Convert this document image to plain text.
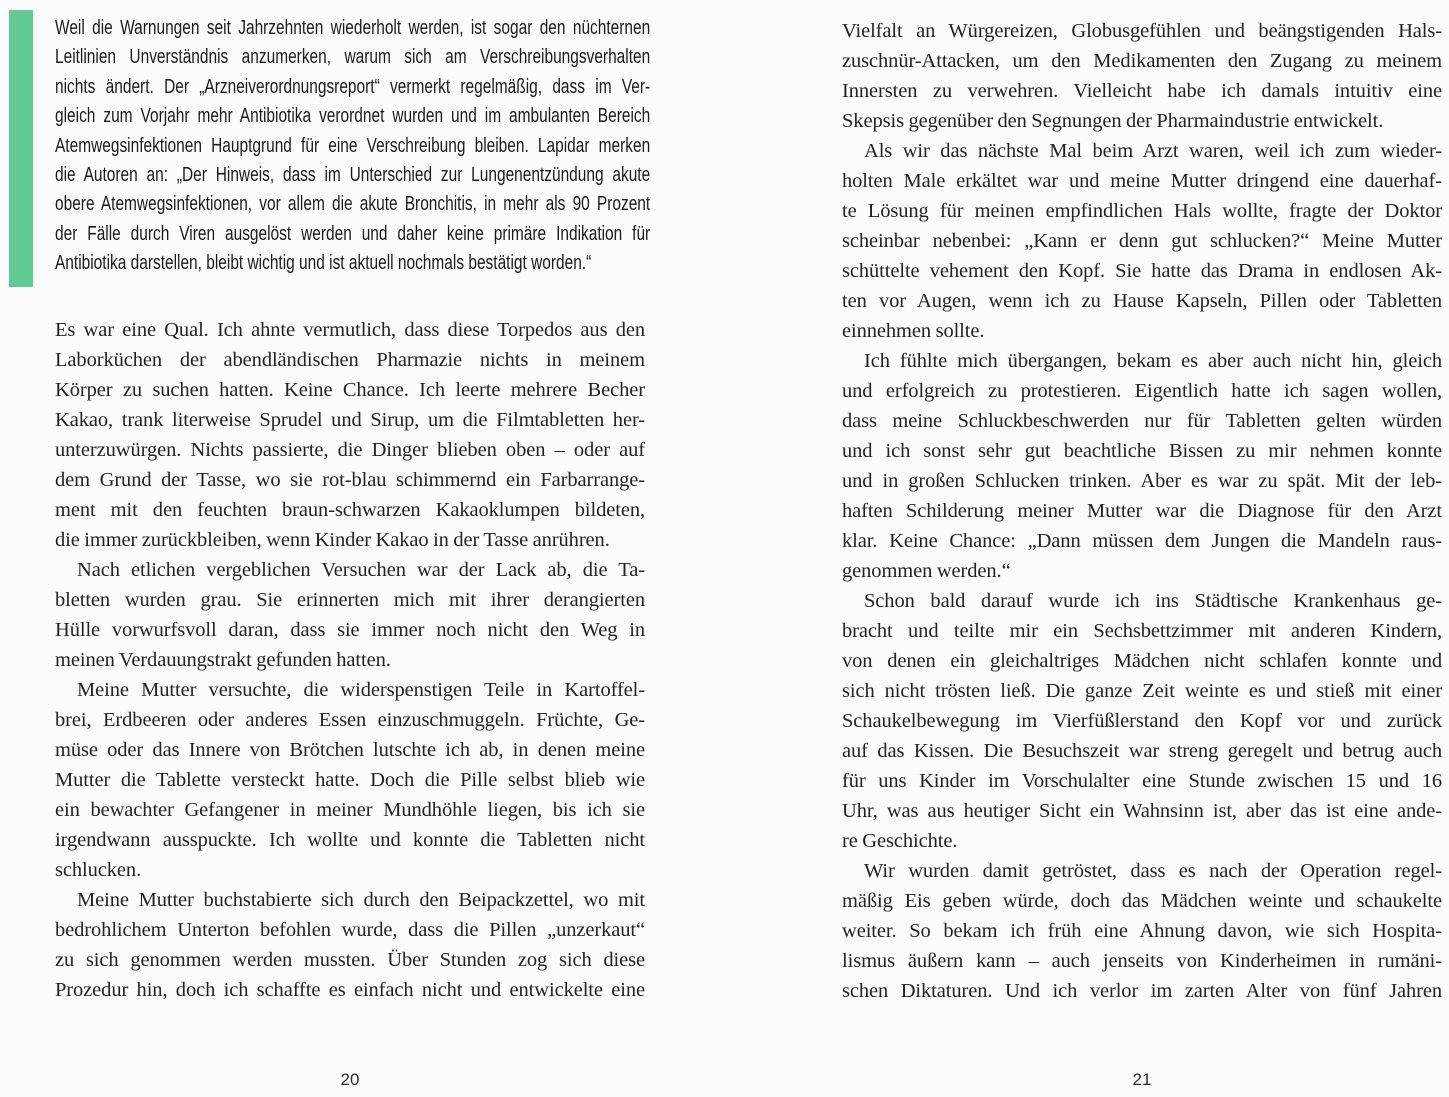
Weil die Warnungen seit Jahrzehnten wiederholt werden, ist sogar den nüchternen
Leitlinien Unverständnis anzumerken, warum sich am Verschreibungsverhalten
nichts ändert. Der „Arzneiverordnungsreport“ vermerkt regelmäßig, dass im Ver-
gleich zum Vorjahr mehr Antibiotika verordnet wurden und im ambulanten Bereich
Atemwegsinfektionen Hauptgrund für eine Verschreibung bleiben. Lapidar merken
die Autoren an: „Der Hinweis, dass im Unterschied zur Lungenentzündung akute
obere Atemwegsinfektionen, vor allem die akute Bronchitis, in mehr als 90 Prozent
der Fälle durch Viren ausgelöst werden und daher keine primäre Indikation für
Antibiotika darstellen, bleibt wichtig und ist aktuell nochmals bestätigt worden.“
Es war eine Qual. Ich ahnte vermutlich, dass diese Torpedos aus den
Laborküchen der abendländischen Pharmazie nichts in meinem
Körper zu suchen hatten. Keine Chance. Ich leerte mehrere Becher
Kakao, trank literweise Sprudel und Sirup, um die Filmtabletten her-
unterzuwürgen. Nichts passierte, die Dinger blieben oben – oder auf
dem Grund der Tasse, wo sie rot-blau schimmernd ein Farbarrange-
ment mit den feuchten braun-schwarzen Kakaoklumpen bildeten,
die immer zurückbleiben, wenn Kinder Kakao in der Tasse anrühren.
Nach etlichen vergeblichen Versuchen war der Lack ab, die Ta-
bletten wurden grau. Sie erinnerten mich mit ihrer derangierten
Hülle vorwurfsvoll daran, dass sie immer noch nicht den Weg in
meinen Verdauungstrakt gefunden hatten.
Meine Mutter versuchte, die widerspenstigen Teile in Kartoffel-
brei, Erdbeeren oder anderes Essen einzuschmuggeln. Früchte, Ge-
müse oder das Innere von Brötchen lutschte ich ab, in denen meine
Mutter die Tablette versteckt hatte. Doch die Pille selbst blieb wie
ein bewachter Gefangener in meiner Mundhöhle liegen, bis ich sie
irgendwann ausspuckte. Ich wollte und konnte die Tabletten nicht
schlucken.
Meine Mutter buchstabierte sich durch den Beipackzettel, wo mit
bedrohlichem Unterton befohlen wurde, dass die Pillen „unzerkaut“
zu sich genommen werden mussten. Über Stunden zog sich diese
Prozedur hin, doch ich schaffte es einfach nicht und entwickelte eine
20
Vielfalt an Würgereizen, Globusgefühlen und beängstigenden Hals-
zuschnür-Attacken, um den Medikamenten den Zugang zu meinem
Innersten zu verwehren. Vielleicht habe ich damals intuitiv eine
Skepsis gegenüber den Segnungen der Pharmaindustrie entwickelt.
Als wir das nächste Mal beim Arzt waren, weil ich zum wieder-
holten Male erkältet war und meine Mutter dringend eine dauerhaf-
te Lösung für meinen empfindlichen Hals wollte, fragte der Doktor
scheinbar nebenbei: „Kann er denn gut schlucken?“ Meine Mutter
schüttelte vehement den Kopf. Sie hatte das Drama in endlosen Ak-
ten vor Augen, wenn ich zu Hause Kapseln, Pillen oder Tabletten
einnehmen sollte.
Ich fühlte mich übergangen, bekam es aber auch nicht hin, gleich
und erfolgreich zu protestieren. Eigentlich hatte ich sagen wollen,
dass meine Schluckbeschwerden nur für Tabletten gelten würden
und ich sonst sehr gut beachtliche Bissen zu mir nehmen konnte
und in großen Schlucken trinken. Aber es war zu spät. Mit der leb-
haften Schilderung meiner Mutter war die Diagnose für den Arzt
klar. Keine Chance: „Dann müssen dem Jungen die Mandeln raus-
genommen werden.“
Schon bald darauf wurde ich ins Städtische Krankenhaus ge-
bracht und teilte mir ein Sechsbettzimmer mit anderen Kindern,
von denen ein gleichaltriges Mädchen nicht schlafen konnte und
sich nicht trösten ließ. Die ganze Zeit weinte es und stieß mit einer
Schaukelbewegung im Vierfüßlerstand den Kopf vor und zurück
auf das Kissen. Die Besuchszeit war streng geregelt und betrug auch
für uns Kinder im Vorschulalter eine Stunde zwischen 15 und 16
Uhr, was aus heutiger Sicht ein Wahnsinn ist, aber das ist eine ande-
re Geschichte.
Wir wurden damit getröstet, dass es nach der Operation regel-
mäßig Eis geben würde, doch das Mädchen weinte und schaukelte
weiter. So bekam ich früh eine Ahnung davon, wie sich Hospita-
lismus äußern kann – auch jenseits von Kinderheimen in rumäni-
schen Diktaturen. Und ich verlor im zarten Alter von fünf Jahren
21
